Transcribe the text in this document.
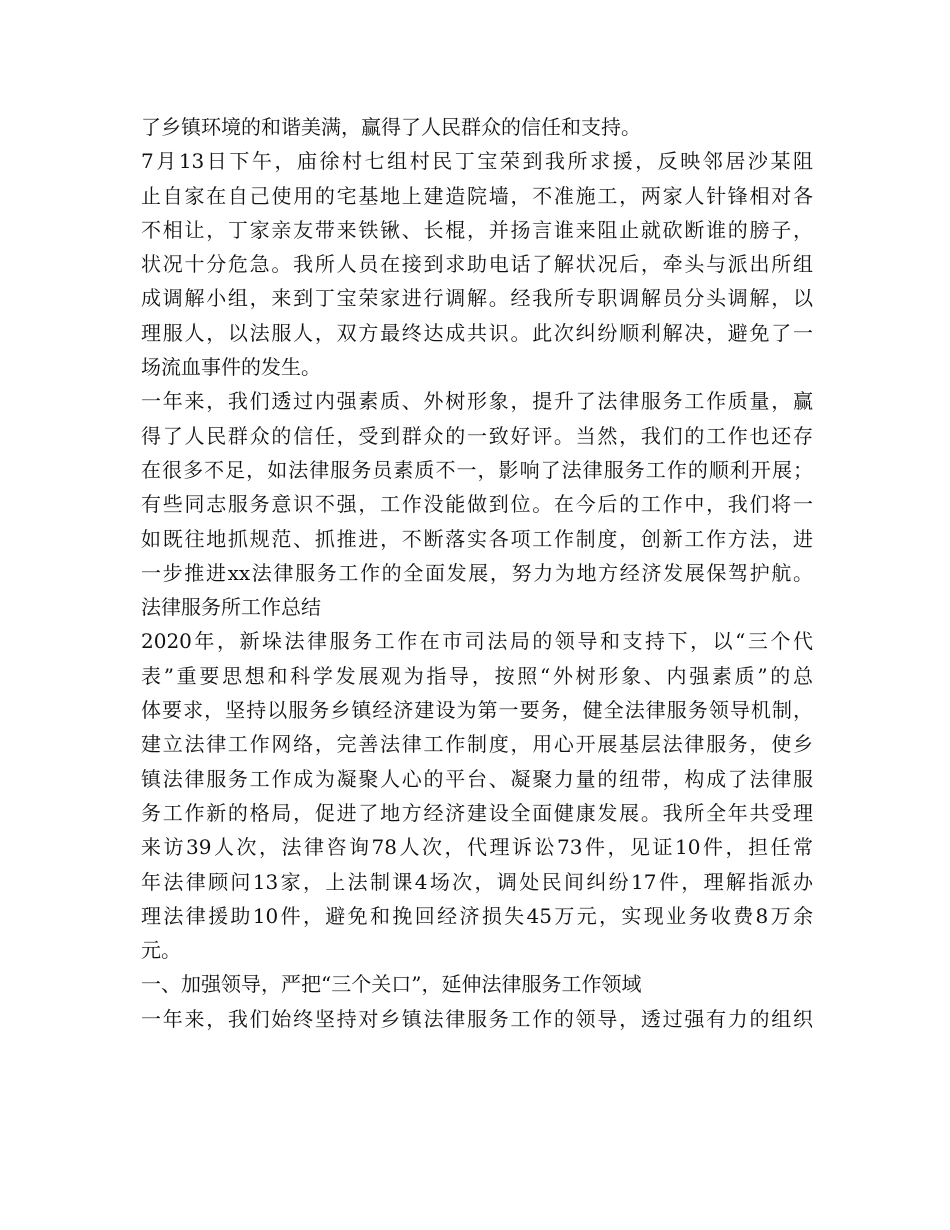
了乡镇环境的和谐美满，赢得了人民群众的信任和支持。
7月13日下午，庙徐村七组村民丁宝荣到我所求援，反映邻居沙某阻
止自家在自己使用的宅基地上建造院墙，不准施工，两家人针锋相对各
不相让，丁家亲友带来铁锹、长棍，并扬言谁来阻止就砍断谁的膀子，
状况十分危急。我所人员在接到求助电话了解状况后，牵头与派出所组
成调解小组，来到丁宝荣家进行调解。经我所专职调解员分头调解，以
理服人，以法服人，双方最终达成共识。此次纠纷顺利解决，避免了一
场流血事件的发生。
一年来，我们透过内强素质、外树形象，提升了法律服务工作质量，赢
得了人民群众的信任，受到群众的一致好评。当然，我们的工作也还存
在很多不足，如法律服务员素质不一，影响了法律服务工作的顺利开展；
有些同志服务意识不强，工作没能做到位。在今后的工作中，我们将一
如既往地抓规范、抓推进，不断落实各项工作制度，创新工作方法，进
一步推进xx法律服务工作的全面发展，努力为地方经济发展保驾护航。
法律服务所工作总结
2020年，新垛法律服务工作在市司法局的领导和支持下，以“三个代
表”重要思想和科学发展观为指导，按照“外树形象、内强素质”的总
体要求，坚持以服务乡镇经济建设为第一要务，健全法律服务领导机制，
建立法律工作网络，完善法律工作制度，用心开展基层法律服务，使乡
镇法律服务工作成为凝聚人心的平台、凝聚力量的纽带，构成了法律服
务工作新的格局，促进了地方经济建设全面健康发展。我所全年共受理
来访39人次，法律咨询78人次，代理诉讼73件，见证10件，担任常
年法律顾问13家，上法制课4场次，调处民间纠纷17件，理解指派办
理法律援助10件，避免和挽回经济损失45万元，实现业务收费8万余
元。
一、加强领导，严把“三个关口”，延伸法律服务工作领域
一年来，我们始终坚持对乡镇法律服务工作的领导，透过强有力的组织
